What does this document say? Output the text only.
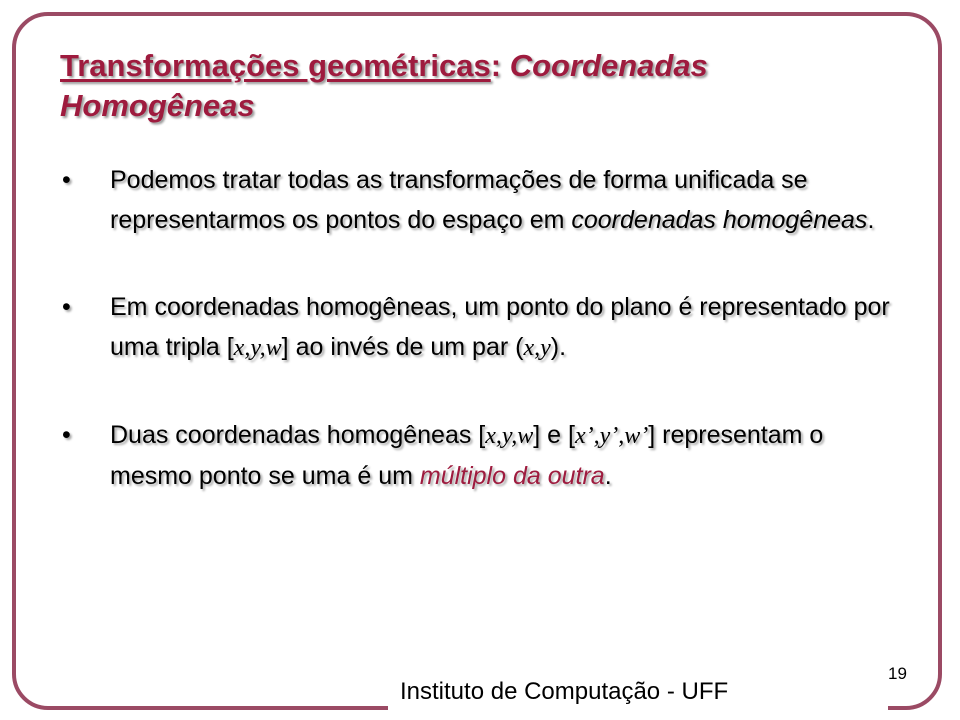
Transformações geométricas: Coordenadas Homogêneas
• Podemos tratar todas as transformações de forma unificada se representarmos os pontos do espaço em coordenadas homogêneas.
• Em coordenadas homogêneas, um ponto do plano é representado por uma tripla [x,y,w] ao invés de um par (x,y).
• Duas coordenadas homogêneas [x,y,w] e [x’,y’,w’] representam o mesmo ponto se uma é um múltiplo da outra.
19
Instituto de Computação - UFF
